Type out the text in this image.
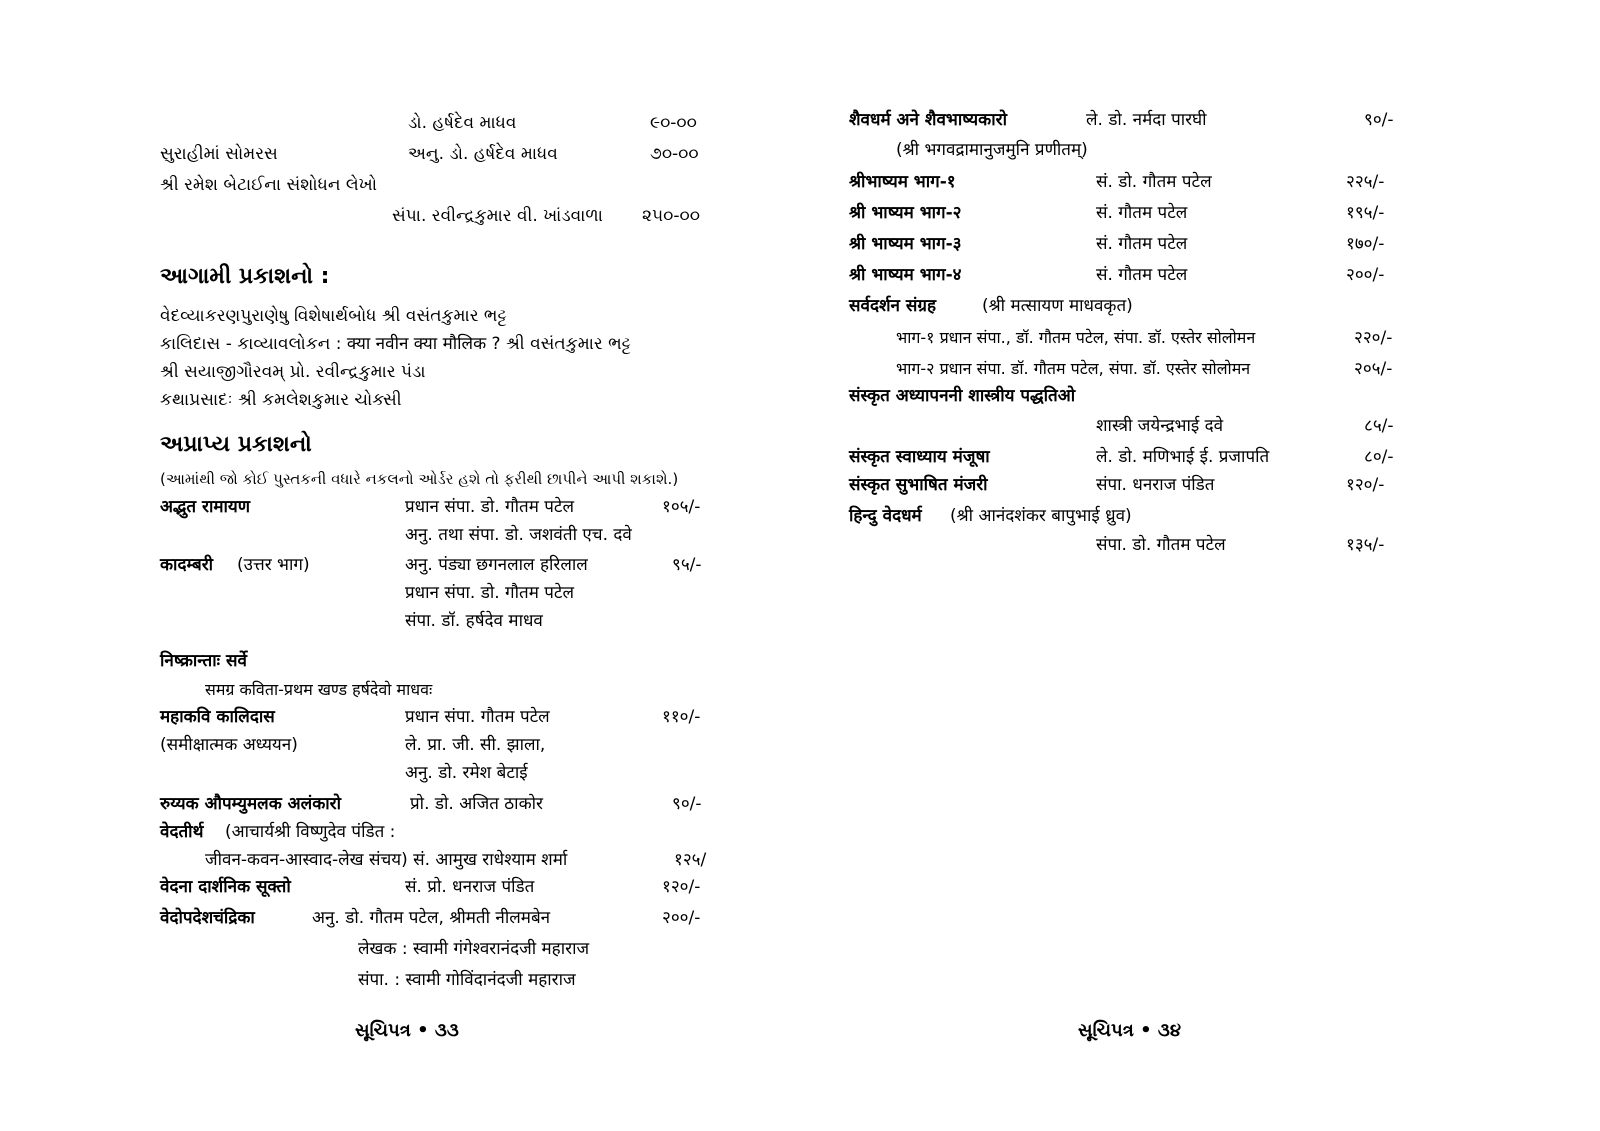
ડો. હર્ષદેવ માધવ	૯૦-૦૦
સુરાહીમાં સોમરસ	અનુ. ડો. હર્ષદેવ માધવ	૭૦-૦૦
શ્રી રમેશ બેટાઈના સંશોધન લેખો
સંપા. રવીન્દ્રકુમાર વી. ખાંડવાળા ૨૫૦-૦૦
આગામી પ્રકાશનો :
વેદવ્યાકરણપુરાણેષુ વિશેષાર્થબોધ શ્રી વસંતકુમાર ભટ્ટ
કાલિદાસ - કાવ્યાવલોકન : क्या नवीन क्या मौलिक ? શ્રી વસંતકુમાર ભટ્ટ
શ્રી સયાજીગૌરવમ્ પ્રો. રવીન્દ્રકુમાર પંડા
કથાપ્રસાદઃ શ્રી કમલેશકુમાર ચોક્સી
અપ્રાપ્ય પ્રકાશનો
(આમાંથી જો કોઈ પુસ્તકની વધારે નકલનો ઓર્ડર હશે તો ફરીથી છાપીને આપી શકાશે.)
अद्भुत रामायण	प्रधान संपा. डो. गौतम पटेल	१०५/-
अनु. तथा संपा. डो. जशवंती एच. दवे
कादम्बरी (उत्तर भाग)	अनु. पंड्या छगनलाल हरिलाल	९५/-
प्रधान संपा. डो. गौतम पटेल
संपा. डॉ. हर्षदेव माधव
निष्क्रान्ताः सर्वे
समग्र कविता-प्रथम खण्ड हर्षदेवो माधवः
महाकवि कालिदास	प्रधान संपा. गौतम पटेल	११०/-
(समीक्षात्मक अध्ययन)	ले. प्रा. जी. सी. झाला,
अनु. डो. रमेश बेटाई
रुय्यक औपम्युमलक अलंकारो	प्रो. डो. अजित ठाकोर	९०/-
वेदतीर्थ (आचार्यश्री विष्णुदेव पंडित :
जीवन-कवन-आस्वाद-लेख संचय) सं. आमुख राधेश्याम शर्मा	१२५/
वेदना दार्शनिक सूक्तो	सं. प्रो. धनराज पंडित	१२०/-
वेदोपदेशचंद्रिका	अनु. डो. गौतम पटेल, श्रीमती नीलमबेन	२००/-
लेखक : स्वामी गंगेश्वरानंदजी महाराज
संपा. : स्वामी गोविंदानंदजी महाराज
સૂચિપત્ર • ૩૩
शैवधर्म अने शैवभाष्यकारो	ले. डो. नर्मदा पारघी	९०/-
(श्री भगवद्रामानुजमुनि प्रणीतम्)
श्रीभाष्यम भाग-१	सं. डो. गौतम पटेल	२२५/-
श्री भाष्यम भाग-२	सं. गौतम पटेल	१९५/-
श्री भाष्यम भाग-३	सं. गौतम पटेल	१७०/-
श्री भाष्यम भाग-४	सं. गौतम पटेल	२००/-
सर्वदर्शन संग्रह	(श्री मत्सायण माधवकृत)
भाग-१ प्रधान संपा., डॉ. गौतम पटेल, संपा. डॉ. एस्तेर सोलोमन	२२०/-
भाग-२ प्रधान संपा. डॉ. गौतम पटेल, संपा. डॉ. एस्तेर सोलोमन	२०५/-
संस्कृत अध्यापननी शास्त्रीय पद्धतिओ
शास्त्री जयेन्द्रभाई दवे	८५/-
संस्कृत स्वाध्याय मंजूषा	ले. डो. मणिभाई ई. प्रजापति	८०/-
संस्कृत सुभाषित मंजरी	संपा. धनराज पंडित	१२०/-
हिन्दु वेदधर्म (श्री आनंदशंकर बापुभाई ध्रुव)
संपा. डो. गौतम पटेल	१३५/-
સૂચિપત્ર • ૩૪
